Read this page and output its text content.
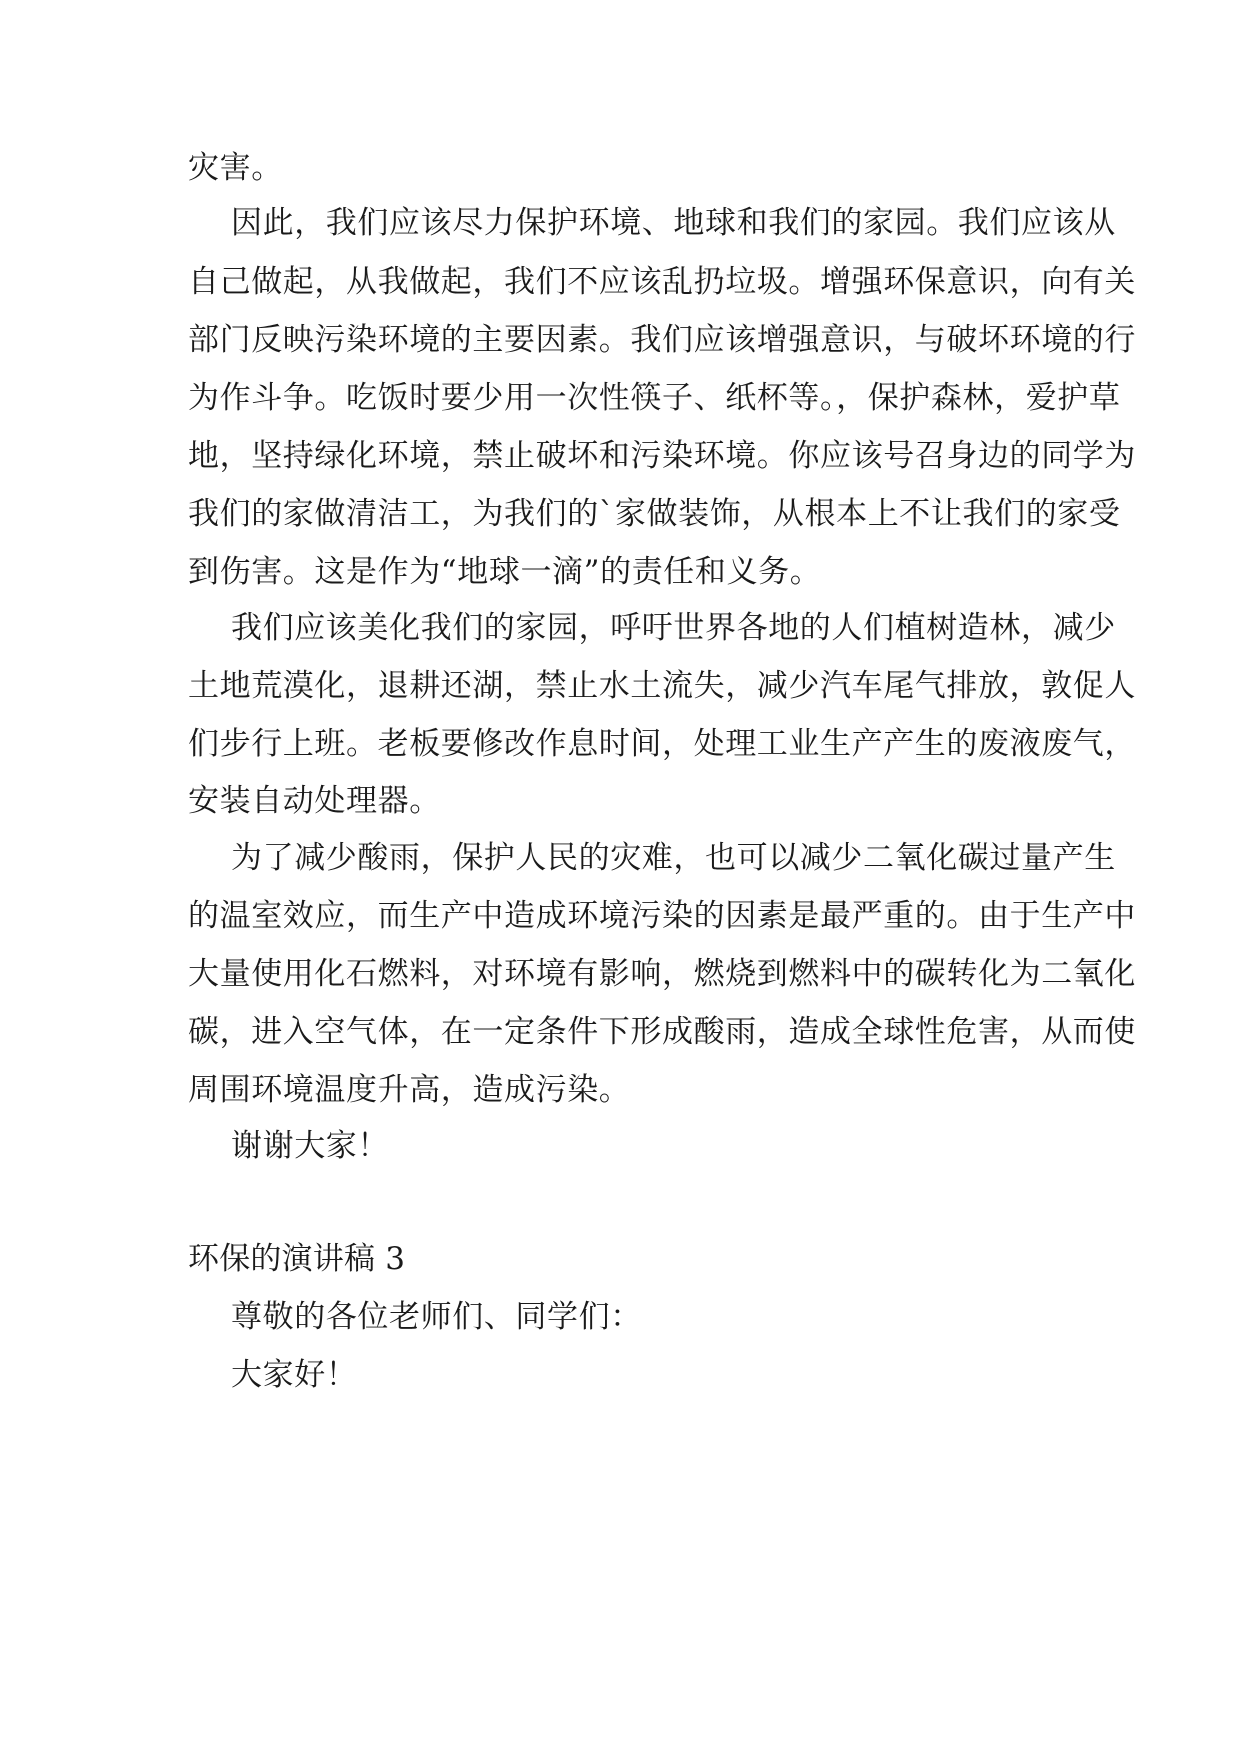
灾害。

因此，我们应该尽力保护环境、地球和我们的家园。我们应该从

自己做起，从我做起，我们不应该乱扔垃圾。增强环保意识，向有关

部门反映污染环境的主要因素。我们应该增强意识，与破坏环境的行

为作斗争。吃饭时要少用一次性筷子、纸杯等。，保护森林，爱护草

地，坚持绿化环境，禁止破坏和污染环境。你应该号召身边的同学为

我们的家做清洁工，为我们的`家做装饰，从根本上不让我们的家受

到伤害。这是作为“地球一滴”的责任和义务。

我们应该美化我们的家园，呼吁世界各地的人们植树造林，减少

土地荒漠化，退耕还湖，禁止水土流失，减少汽车尾气排放，敦促人

们步行上班。老板要修改作息时间，处理工业生产产生的废液废气，

安装自动处理器。

为了减少酸雨，保护人民的灾难，也可以减少二氧化碳过量产生

的温室效应，而生产中造成环境污染的因素是最严重的。由于生产中

大量使用化石燃料，对环境有影响，燃烧到燃料中的碳转化为二氧化

碳，进入空气体，在一定条件下形成酸雨，造成全球性危害，从而使

周围环境温度升高，造成污染。

谢谢大家！

环保的演讲稿 3

尊敬的各位老师们、同学们：

大家好！
